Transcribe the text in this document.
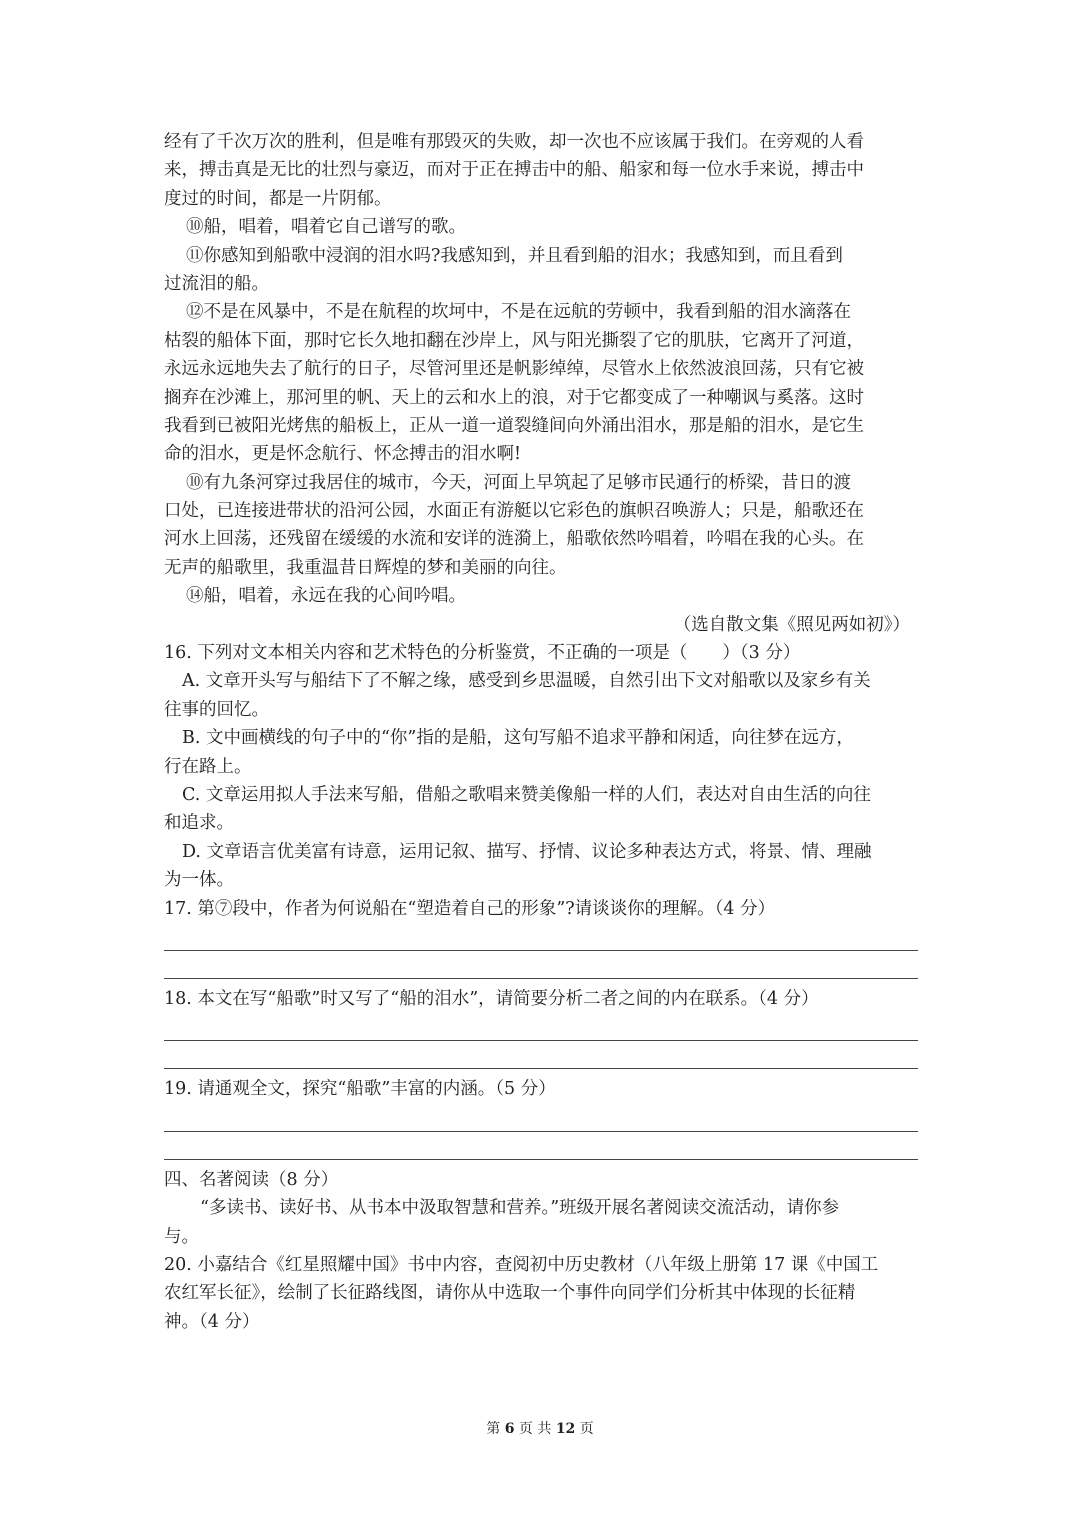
经有了千次万次的胜利，但是唯有那毁灭的失败，却一次也不应该属于我们。在旁观的人看
来，搏击真是无比的壮烈与豪迈，而对于正在搏击中的船、船家和每一位水手来说，搏击中
度过的时间，都是一片阴郁。
⑩船，唱着，唱着它自己谱写的歌。
⑪你感知到船歌中浸润的泪水吗?我感知到，并且看到船的泪水；我感知到，而且看到
过流泪的船。
⑫不是在风暴中，不是在航程的坎坷中，不是在远航的劳顿中，我看到船的泪水滴落在
枯裂的船体下面，那时它长久地扣翻在沙岸上，风与阳光撕裂了它的肌肤，它离开了河道，
永远永远地失去了航行的日子，尽管河里还是帆影绰绰，尽管水上依然波浪回荡，只有它被
搁弃在沙滩上，那河里的帆、天上的云和水上的浪，对于它都变成了一种嘲讽与奚落。这时
我看到已被阳光烤焦的船板上，正从一道一道裂缝间向外涌出泪水，那是船的泪水，是它生
命的泪水，更是怀念航行、怀念搏击的泪水啊!
⑩有九条河穿过我居住的城市，今天，河面上早筑起了足够市民通行的桥梁，昔日的渡
口处，已连接进带状的沿河公园，水面正有游艇以它彩色的旗帜召唤游人；只是，船歌还在
河水上回荡，还残留在缓缓的水流和安详的涟漪上，船歌依然吟唱着，吟唱在我的心头。在
无声的船歌里，我重温昔日辉煌的梦和美丽的向往。
⑭船，唱着，永远在我的心间吟唱。
（选自散文集《照见两如初》）
16. 下列对文本相关内容和艺术特色的分析鉴赏，不正确的一项是（　　）（3 分）
A. 文章开头写与船结下了不解之缘，感受到乡思温暖，自然引出下文对船歌以及家乡有关
往事的回忆。
B. 文中画横线的句子中的“你”指的是船，这句写船不追求平静和闲适，向往梦在远方，
行在路上。
C. 文章运用拟人手法来写船，借船之歌唱来赞美像船一样的人们，表达对自由生活的向往
和追求。
D. 文章语言优美富有诗意，运用记叙、描写、抒情、议论多种表达方式，将景、情、理融
为一体。
17. 第⑦段中，作者为何说船在“塑造着自己的形象”?请谈谈你的理解。（4 分）
18. 本文在写“船歌”时又写了“船的泪水”，请简要分析二者之间的内在联系。（4 分）
19. 请通观全文，探究“船歌”丰富的内涵。（5 分）
四、名著阅读（8 分）
“多读书、读好书、从书本中汲取智慧和营养。”班级开展名著阅读交流活动，请你参
与。
20. 小嘉结合《红星照耀中国》书中内容，查阅初中历史教材（八年级上册第 17 课《中国工
农红军长征》，绘制了长征路线图，请你从中选取一个事件向同学们分析其中体现的长征精
神。（4 分）
第 6 页 共 12 页
